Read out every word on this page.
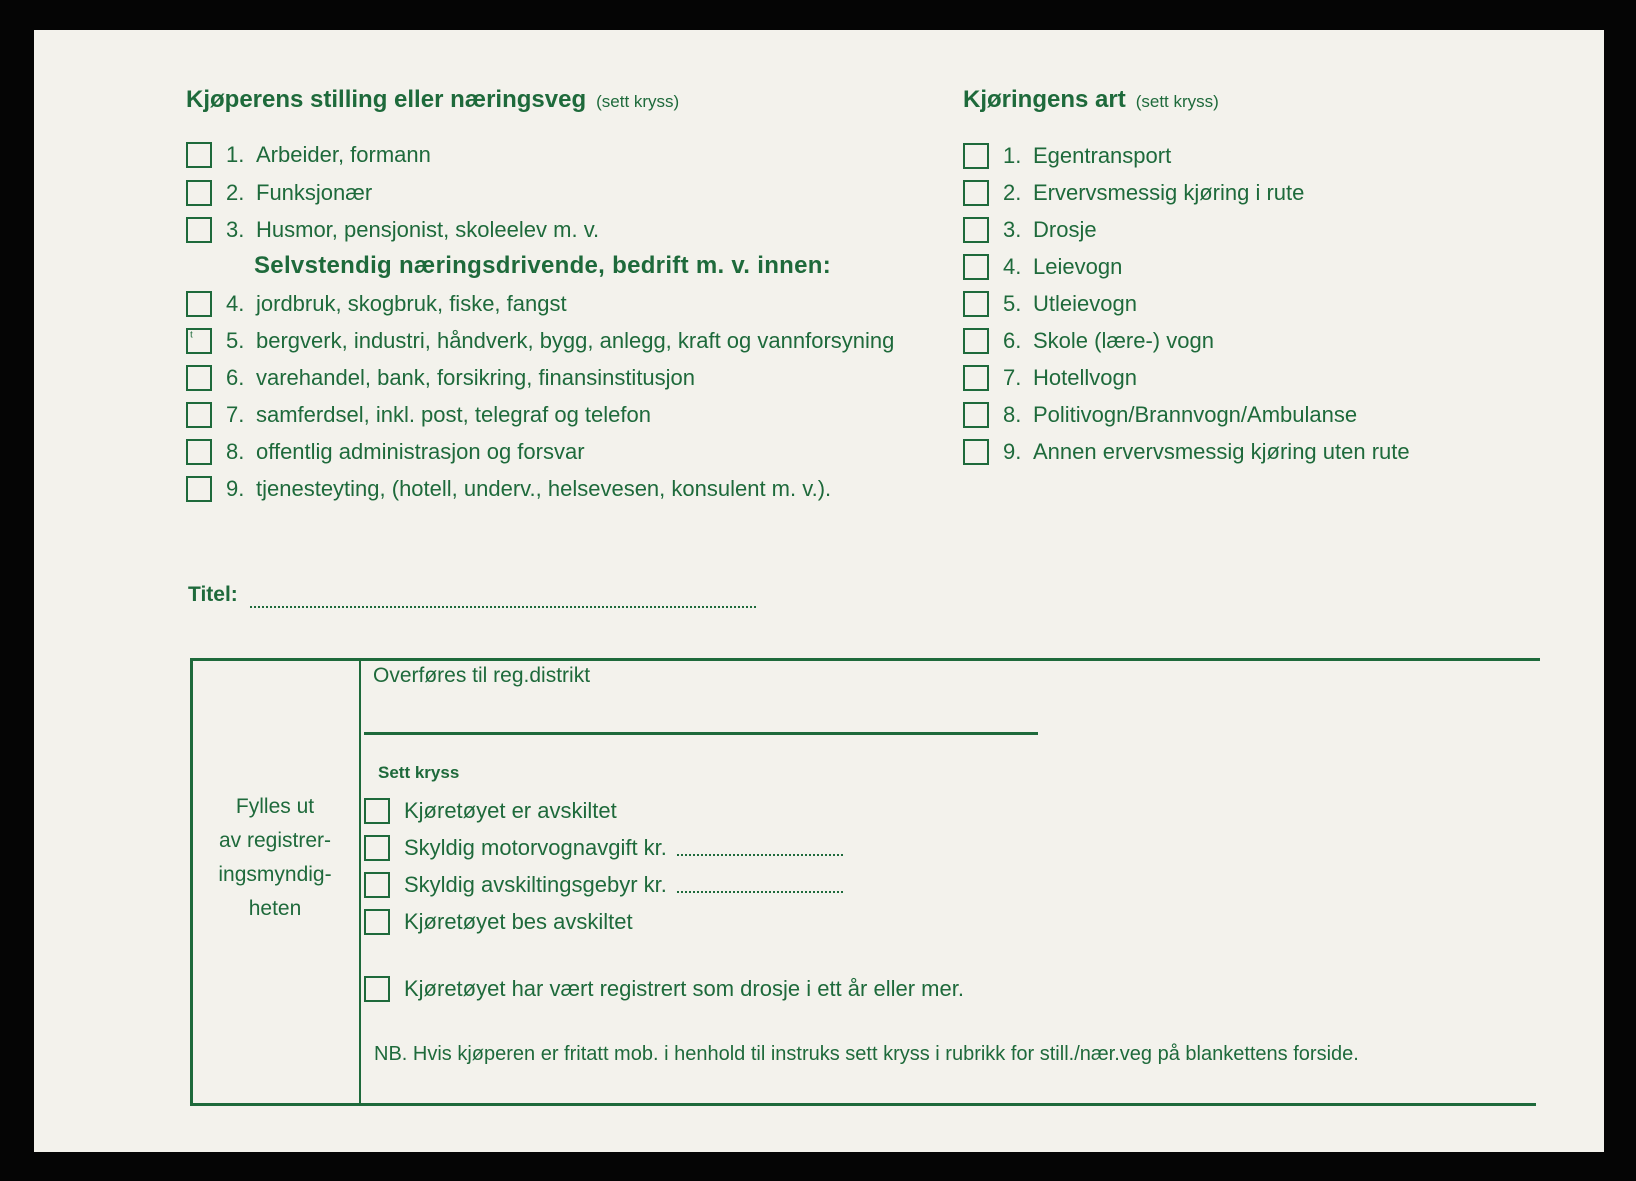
Kjøperens stilling eller næringsveg (sett kryss)
1. Arbeider, formann
2. Funksjonær
3. Husmor, pensjonist, skoleelev m. v.
Selvstendig næringsdrivende, bedrift m. v. innen:
4. jordbruk, skogbruk, fiske, fangst
ᵗ 5. bergverk, industri, håndverk, bygg, anlegg, kraft og vannforsyning
6. varehandel, bank, forsikring, finansinstitusjon
7. samferdsel, inkl. post, telegraf og telefon
8. offentlig administrasjon og forsvar
9. tjenesteyting, (hotell, underv., helsevesen, konsulent m. v.).
Kjøringens art (sett kryss)
1. Egentransport
2. Ervervsmessig kjøring i rute
3. Drosje
4. Leievogn
5. Utleievogn
6. Skole (lære-) vogn
7. Hotellvogn
8. Politivogn/Brannvogn/Ambulanse
9. Annen ervervsmessig kjøring uten rute
Titel:
Fylles ut
av registrer-
ingsmyndig-
heten
Overføres til reg.distrikt
Sett kryss
Kjøretøyet er avskiltet
Skyldig motorvognavgift kr.
Skyldig avskiltingsgebyr kr.
Kjøretøyet bes avskiltet
Kjøretøyet har vært registrert som drosje i ett år eller mer.
NB. Hvis kjøperen er fritatt mob. i henhold til instruks sett kryss i rubrikk for still./nær.veg på blankettens forside.
